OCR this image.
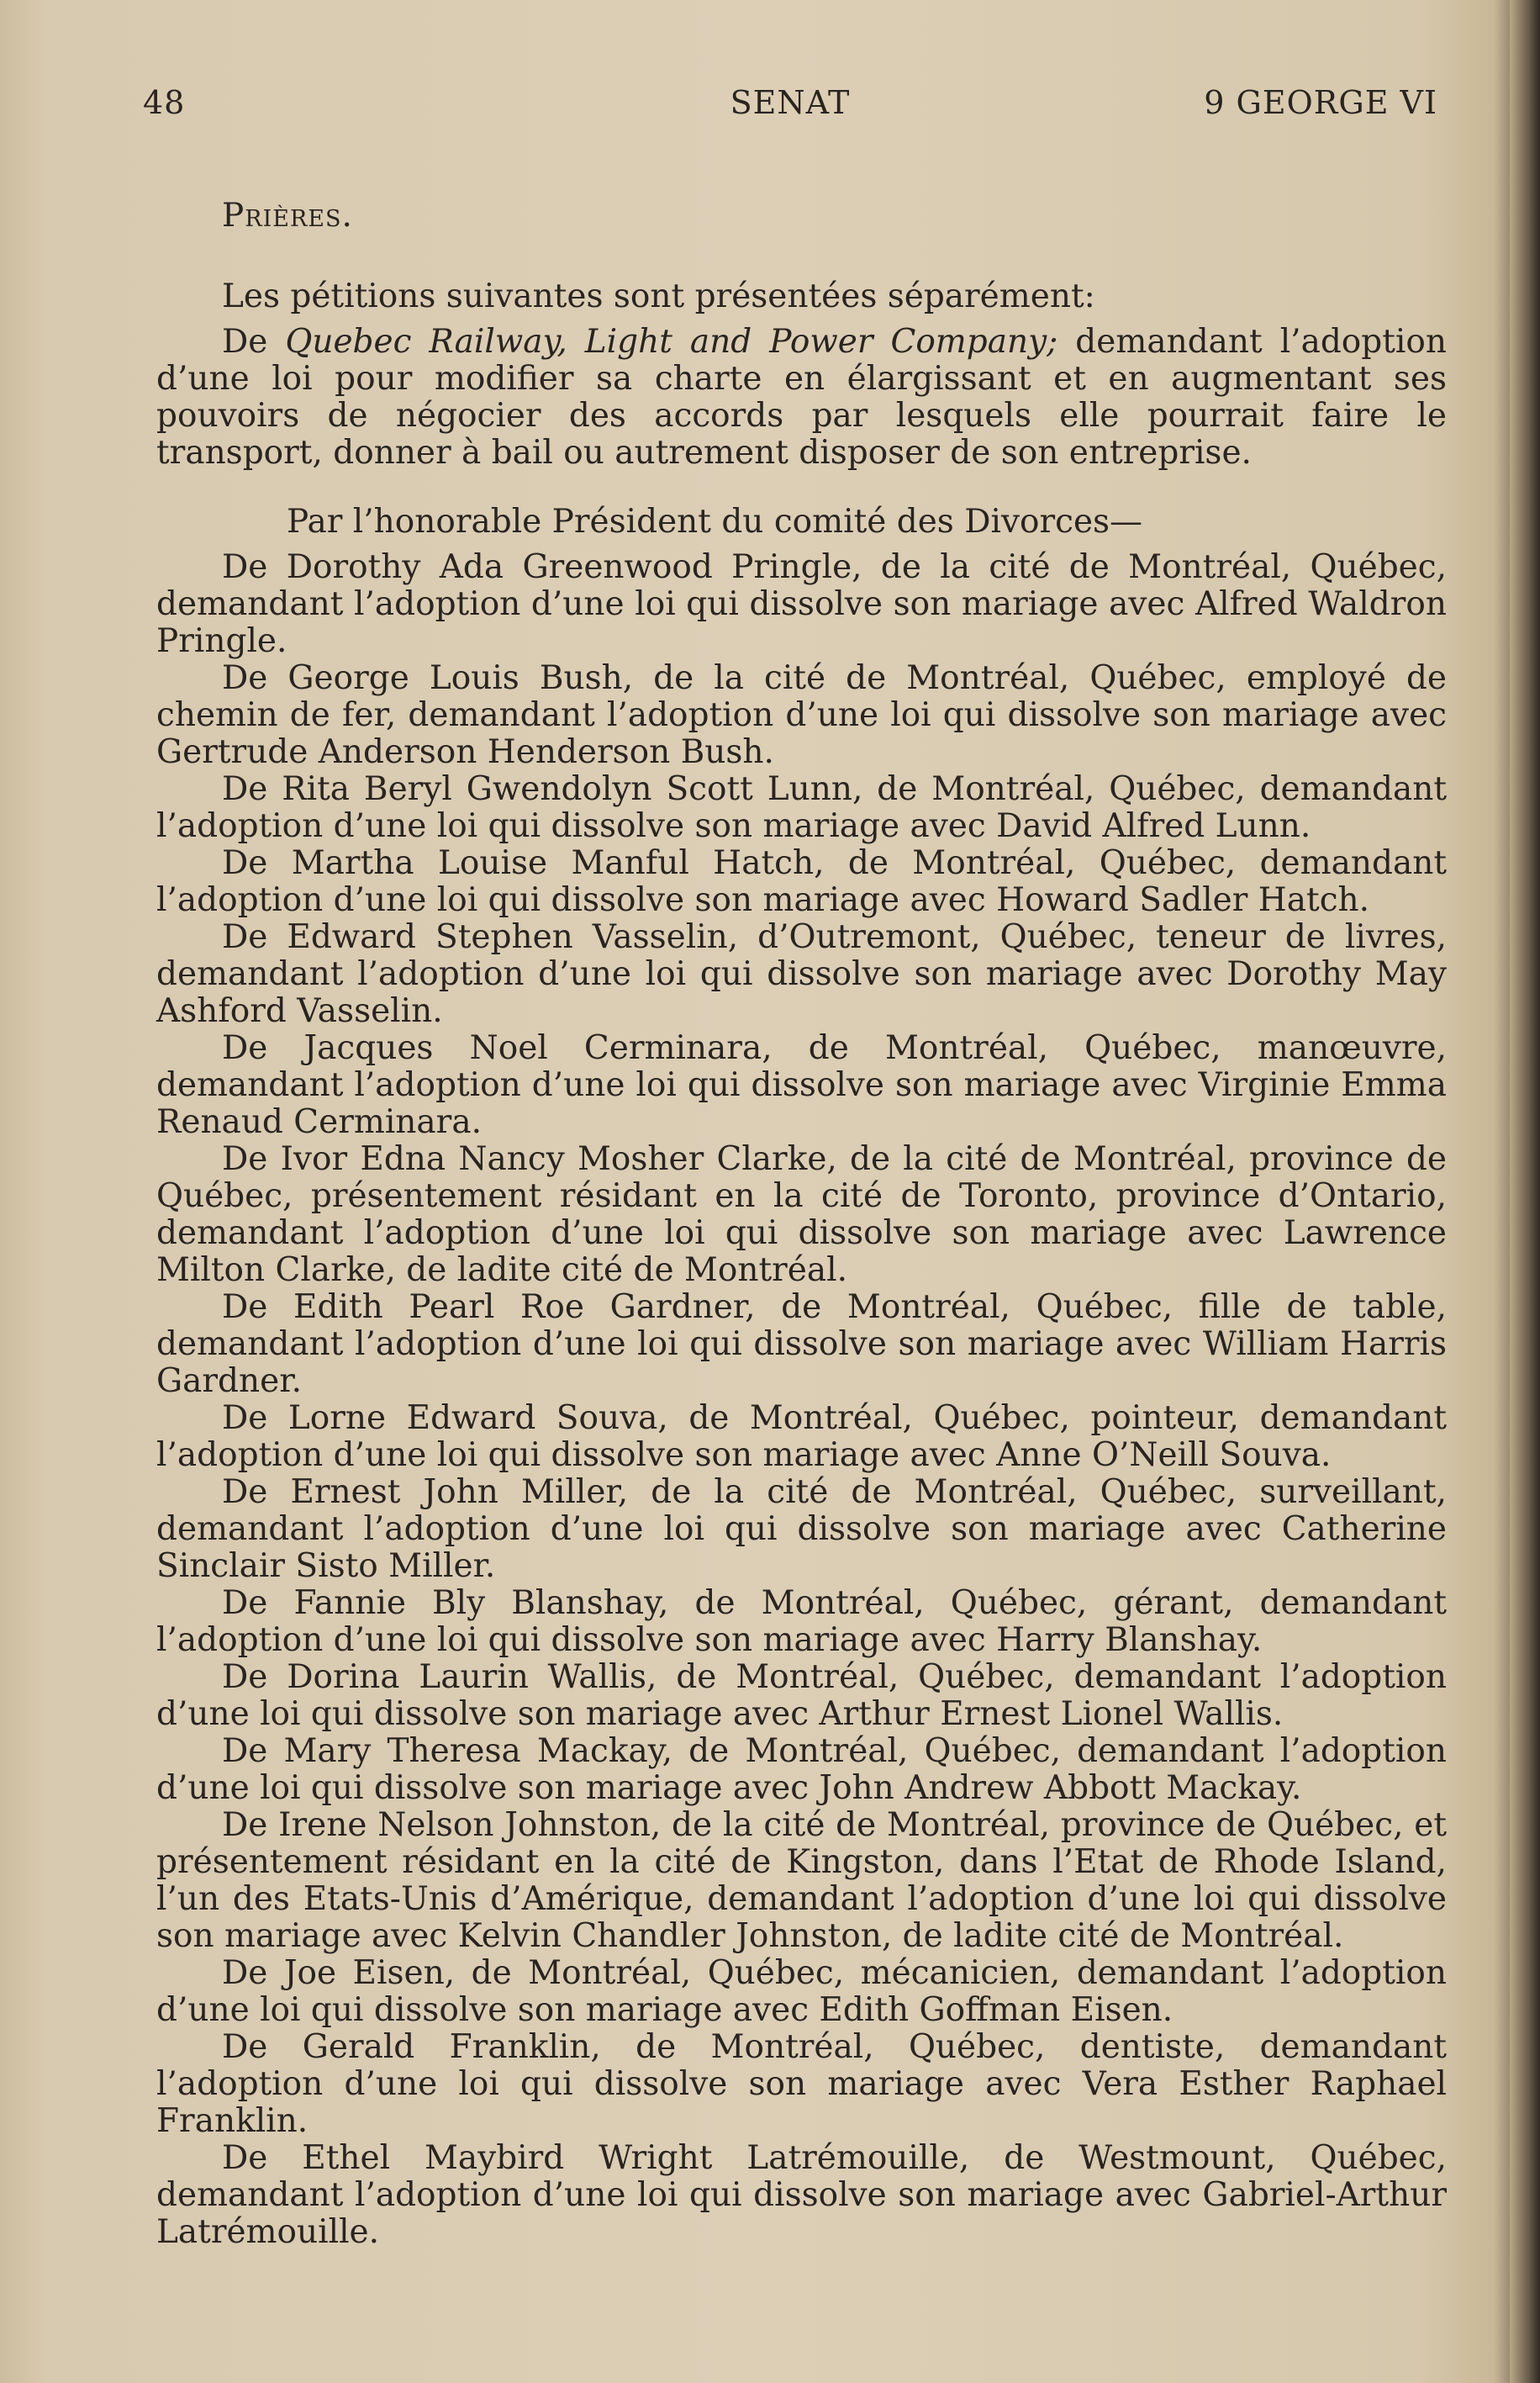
48	SENAT	9 GEORGE VI

Prières.

Les pétitions suivantes sont présentées séparément:

De Quebec Railway, Light and Power Company; demandant l’adoption d’une loi pour modifier sa charte en élargissant et en augmentant ses pouvoirs de négocier des accords par lesquels elle pourrait faire le transport, donner à bail ou autrement disposer de son entreprise.

Par l’honorable Président du comité des Divorces—

De Dorothy Ada Greenwood Pringle, de la cité de Montréal, Québec, demandant l’adoption d’une loi qui dissolve son mariage avec Alfred Waldron Pringle.

De George Louis Bush, de la cité de Montréal, Québec, employé de chemin de fer, demandant l’adoption d’une loi qui dissolve son mariage avec Gertrude Anderson Henderson Bush.

De Rita Beryl Gwendolyn Scott Lunn, de Montréal, Québec, demandant l’adoption d’une loi qui dissolve son mariage avec David Alfred Lunn.

De Martha Louise Manful Hatch, de Montréal, Québec, demandant l’adoption d’une loi qui dissolve son mariage avec Howard Sadler Hatch.

De Edward Stephen Vasselin, d’Outremont, Québec, teneur de livres, demandant l’adoption d’une loi qui dissolve son mariage avec Dorothy May Ashford Vasselin.

De Jacques Noel Cerminara, de Montréal, Québec, manœuvre, demandant l’adoption d’une loi qui dissolve son mariage avec Virginie Emma Renaud Cerminara.

De Ivor Edna Nancy Mosher Clarke, de la cité de Montréal, province de Québec, présentement résidant en la cité de Toronto, province d’Ontario, demandant l’adoption d’une loi qui dissolve son mariage avec Lawrence Milton Clarke, de ladite cité de Montréal.

De Edith Pearl Roe Gardner, de Montréal, Québec, fille de table, demandant l’adoption d’une loi qui dissolve son mariage avec William Harris Gardner.

De Lorne Edward Souva, de Montréal, Québec, pointeur, demandant l’adoption d’une loi qui dissolve son mariage avec Anne O’Neill Souva.

De Ernest John Miller, de la cité de Montréal, Québec, surveillant, demandant l’adoption d’une loi qui dissolve son mariage avec Catherine Sinclair Sisto Miller.

De Fannie Bly Blanshay, de Montréal, Québec, gérant, demandant l’adoption d’une loi qui dissolve son mariage avec Harry Blanshay.

De Dorina Laurin Wallis, de Montréal, Québec, demandant l’adoption d’une loi qui dissolve son mariage avec Arthur Ernest Lionel Wallis.

De Mary Theresa Mackay, de Montréal, Québec, demandant l’adoption d’une loi qui dissolve son mariage avec John Andrew Abbott Mackay.

De Irene Nelson Johnston, de la cité de Montréal, province de Québec, et présentement résidant en la cité de Kingston, dans l’Etat de Rhode Island, l’un des Etats-Unis d’Amérique, demandant l’adoption d’une loi qui dissolve son mariage avec Kelvin Chandler Johnston, de ladite cité de Montréal.

De Joe Eisen, de Montréal, Québec, mécanicien, demandant l’adoption d’une loi qui dissolve son mariage avec Edith Goffman Eisen.

De Gerald Franklin, de Montréal, Québec, dentiste, demandant l’adoption d’une loi qui dissolve son mariage avec Vera Esther Raphael Franklin.

De Ethel Maybird Wright Latrémouille, de Westmount, Québec, demandant l’adoption d’une loi qui dissolve son mariage avec Gabriel-Arthur Latrémouille.
